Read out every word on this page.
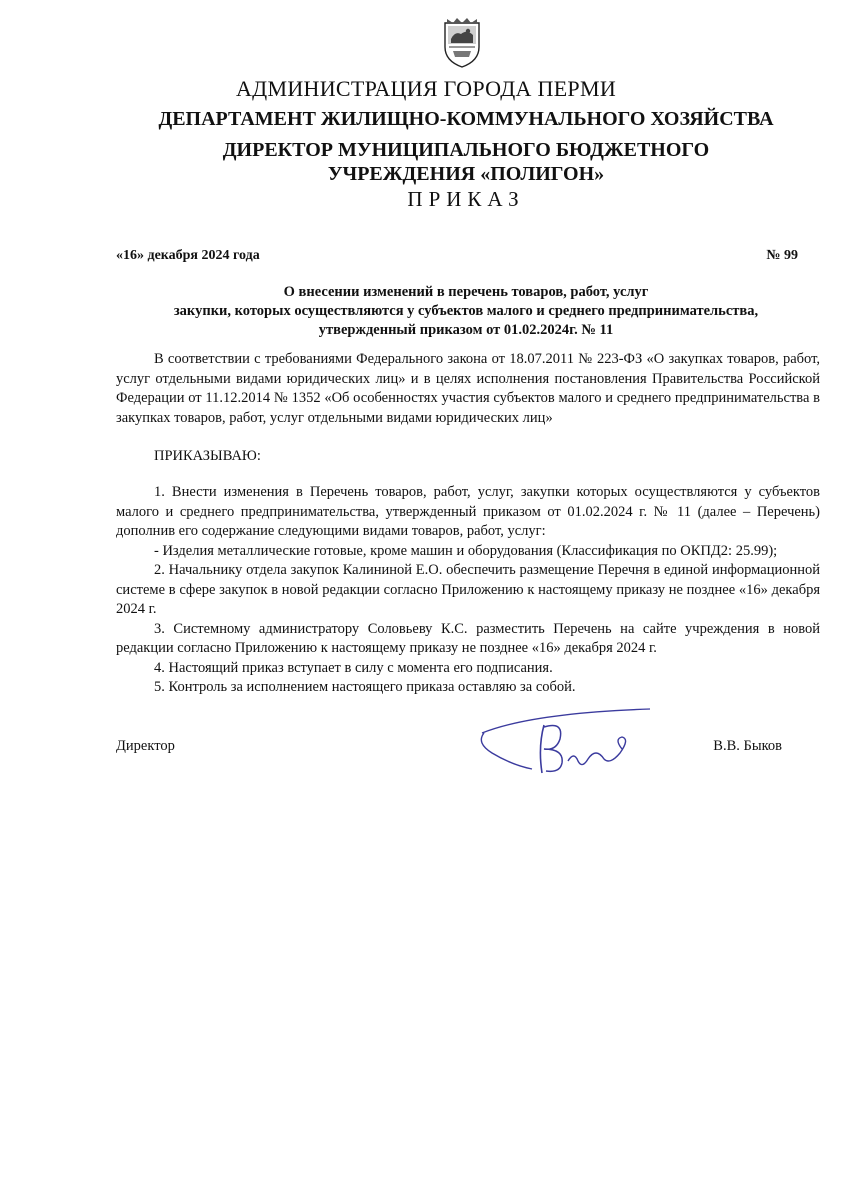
АДМИНИСТРАЦИЯ ГОРОДА ПЕРМИ
ДЕПАРТАМЕНТ ЖИЛИЩНО-КОММУНАЛЬНОГО ХОЗЯЙСТВА
ДИРЕКТОР МУНИЦИПАЛЬНОГО БЮДЖЕТНОГО
УЧРЕЖДЕНИЯ «ПОЛИГОН»
ПРИКАЗ
«16» декабря 2024 года	№ 99
О внесении изменений в перечень товаров, работ, услуг
закупки, которых осуществляются у субъектов малого и среднего предпринимательства,
утвержденный приказом от 01.02.2024г. № 11
В соответствии с требованиями Федерального закона от 18.07.2011 № 223-ФЗ «О закупках товаров, работ, услуг отдельными видами юридических лиц» и в целях исполнения постановления Правительства Российской Федерации от 11.12.2014 № 1352 «Об особенностях участия субъектов малого и среднего предпринимательства в закупках товаров, работ, услуг отдельными видами юридических лиц»
ПРИКАЗЫВАЮ:

1. Внести изменения в Перечень товаров, работ, услуг, закупки которых осуществляются у субъектов малого и среднего предпринимательства, утвержденный приказом от 01.02.2024 г. № 11 (далее – Перечень) дополнив его содержание следующими видами товаров, работ, услуг:

- Изделия металлические готовые, кроме машин и оборудования (Классификация по ОКПД2: 25.99);

2. Начальнику отдела закупок Калининой Е.О. обеспечить размещение Перечня в единой информационной системе в сфере закупок в новой редакции согласно Приложению к настоящему приказу не позднее «16» декабря 2024 г.

3. Системному администратору Соловьеву К.С. разместить Перечень на сайте учреждения в новой редакции согласно Приложению к настоящему приказу не позднее «16» декабря 2024 г.

4. Настоящий приказ вступает в силу с момента его подписания.

5. Контроль за исполнением настоящего приказа оставляю за собой.

Директор	В.В. Быков
